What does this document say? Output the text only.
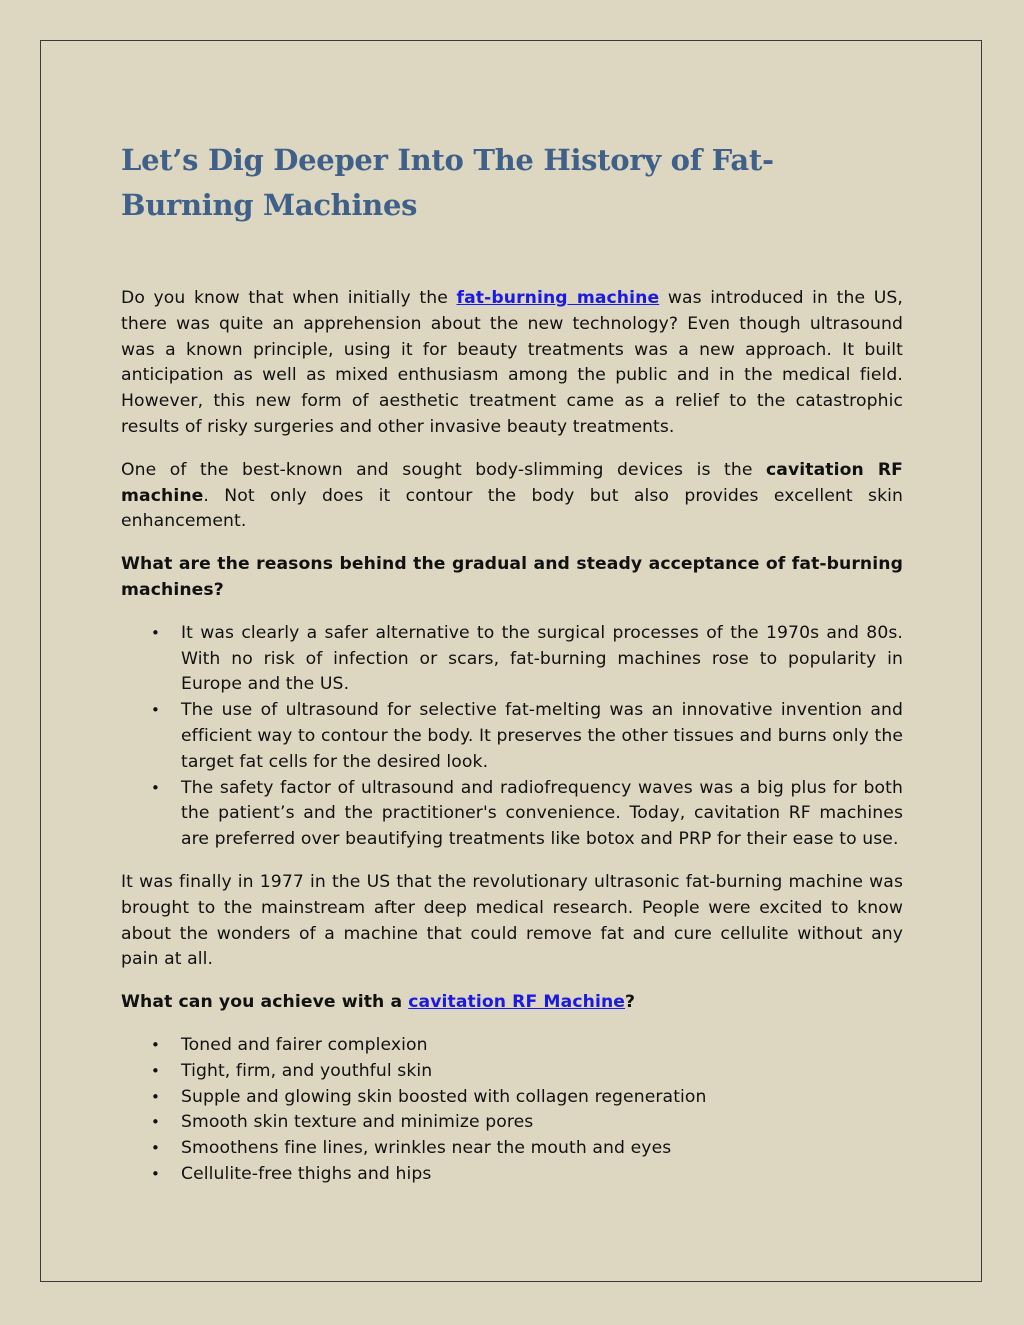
Let’s Dig Deeper Into The History of Fat-Burning Machines

Do you know that when initially the fat-burning machine was introduced in the US, there was quite an apprehension about the new technology? Even though ultrasound was a known principle, using it for beauty treatments was a new approach. It built anticipation as well as mixed enthusiasm among the public and in the medical field. However, this new form of aesthetic treatment came as a relief to the catastrophic results of risky surgeries and other invasive beauty treatments.

One of the best-known and sought body-slimming devices is the cavitation RF machine. Not only does it contour the body but also provides excellent skin enhancement.

What are the reasons behind the gradual and steady acceptance of fat-burning machines?

• It was clearly a safer alternative to the surgical processes of the 1970s and 80s. With no risk of infection or scars, fat-burning machines rose to popularity in Europe and the US.
• The use of ultrasound for selective fat-melting was an innovative invention and efficient way to contour the body. It preserves the other tissues and burns only the target fat cells for the desired look.
• The safety factor of ultrasound and radiofrequency waves was a big plus for both the patient’s and the practitioner's convenience. Today, cavitation RF machines are preferred over beautifying treatments like botox and PRP for their ease to use.

It was finally in 1977 in the US that the revolutionary ultrasonic fat-burning machine was brought to the mainstream after deep medical research. People were excited to know about the wonders of a machine that could remove fat and cure cellulite without any pain at all.

What can you achieve with a cavitation RF Machine?

• Toned and fairer complexion
• Tight, firm, and youthful skin
• Supple and glowing skin boosted with collagen regeneration
• Smooth skin texture and minimize pores
• Smoothens fine lines, wrinkles near the mouth and eyes
• Cellulite-free thighs and hips
